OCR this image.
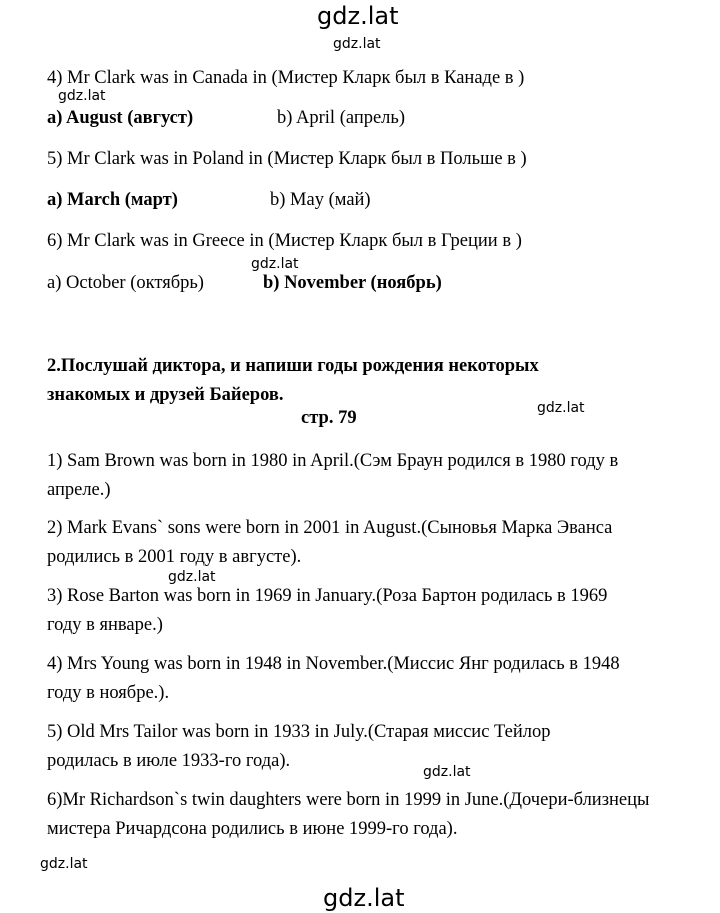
gdz.lat
gdz.lat
gdz.lat
gdz.lat
gdz.lat
gdz.lat
gdz.lat
gdz.lat
gdz.lat
4) Mr Clark was in Canada in (Мистер Кларк был в Канаде в )
a) August (август)	b) April (апрель)
5) Mr Clark was in Poland in (Мистер Кларк был в Польше в )
a) March (март)	b) May (май)
6) Mr Clark was in Greece in (Мистер Кларк был в Греции в )
a) October (октябрь)	b) November (ноябрь)
2.Послушай диктора, и напиши годы рождения некоторых знакомых и друзей Байеров.
стр. 79
1) Sam Brown was born in 1980 in April.(Сэм Браун родился в 1980 году в апреле.)
2) Mark Evans` sons were born in 2001 in August.(Сыновья Марка Эванса родились в 2001 году в августе).
3) Rose Barton was born in 1969 in January.(Роза Бартон родилась в 1969 году в январе.)
4) Mrs Young was born in 1948 in November.(Миссис Янг родилась в 1948 году в ноябре.).
5) Old Mrs Tailor was born in 1933 in July.(Старая миссис Тейлор родилась в июле 1933-го года).
6)Mr Richardson`s twin daughters were born in 1999 in June.(Дочери-близнецы мистера Ричардсона родились в июне 1999-го года).
